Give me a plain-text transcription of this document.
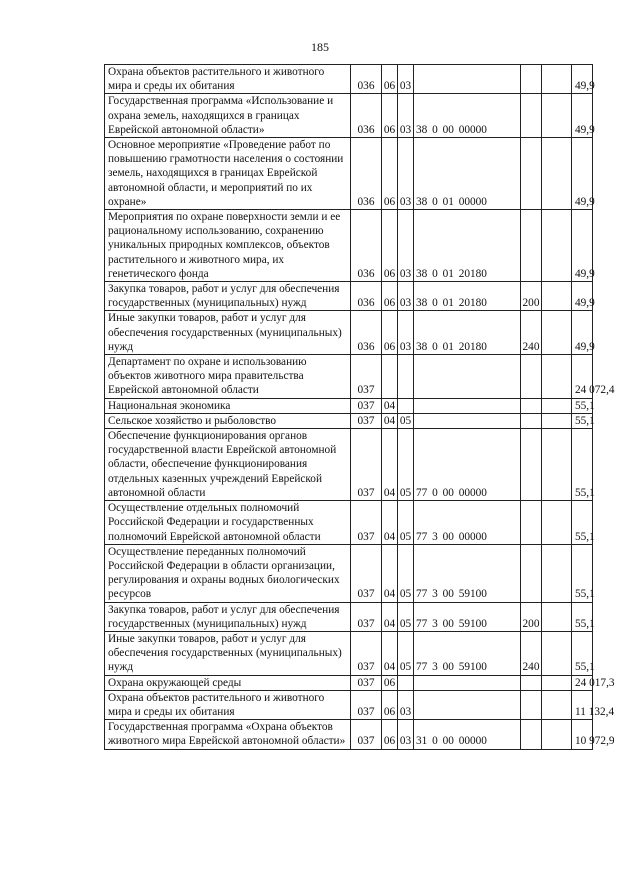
185
Охрана объектов растительного и животного мира и среды их обитания	036	06	03				49,9
Государственная программа «Использование и охрана земель, находящихся в границах Еврейской автономной области»	036	06	03	38 0 00 00000			49,9
Основное мероприятие «Проведение работ по повышению грамотности населения о состоянии земель, находящихся в границах Еврейской автономной области, и мероприятий по их охране»	036	06	03	38 0 01 00000			49,9
Мероприятия по охране поверхности земли и ее рациональному использованию, сохранению уникальных природных комплексов, объектов растительного и животного мира, их генетического фонда	036	06	03	38 0 01 20180			49,9
Закупка товаров, работ и услуг для обеспечения государственных (муниципальных) нужд	036	06	03	38 0 01 20180	200		49,9
Иные закупки товаров, работ и услуг для обеспечения государственных (муниципальных) нужд	036	06	03	38 0 01 20180	240		49,9
Департамент по охране и использованию объектов животного мира правительства Еврейской автономной области	037						24 072,4
Национальная экономика	037	04					55,1
Сельское хозяйство и рыболовство	037	04	05				55,1
Обеспечение функционирования органов государственной власти Еврейской автономной области, обеспечение функционирования отдельных казенных учреждений Еврейской автономной области	037	04	05	77 0 00 00000			55,1
Осуществление отдельных полномочий Российской Федерации и государственных полномочий Еврейской автономной области	037	04	05	77 3 00 00000			55,1
Осуществление переданных полномочий Российской Федерации в области организации, регулирования и охраны водных биологических ресурсов	037	04	05	77 3 00 59100			55,1
Закупка товаров, работ и услуг для обеспечения государственных (муниципальных) нужд	037	04	05	77 3 00 59100	200		55,1
Иные закупки товаров, работ и услуг для обеспечения государственных (муниципальных) нужд	037	04	05	77 3 00 59100	240		55,1
Охрана окружающей среды	037	06					24 017,3
Охрана объектов растительного и животного мира и среды их обитания	037	06	03				11 132,4
Государственная программа «Охрана объектов животного мира Еврейской автономной области»	037	06	03	31 0 00 00000			10 972,9
